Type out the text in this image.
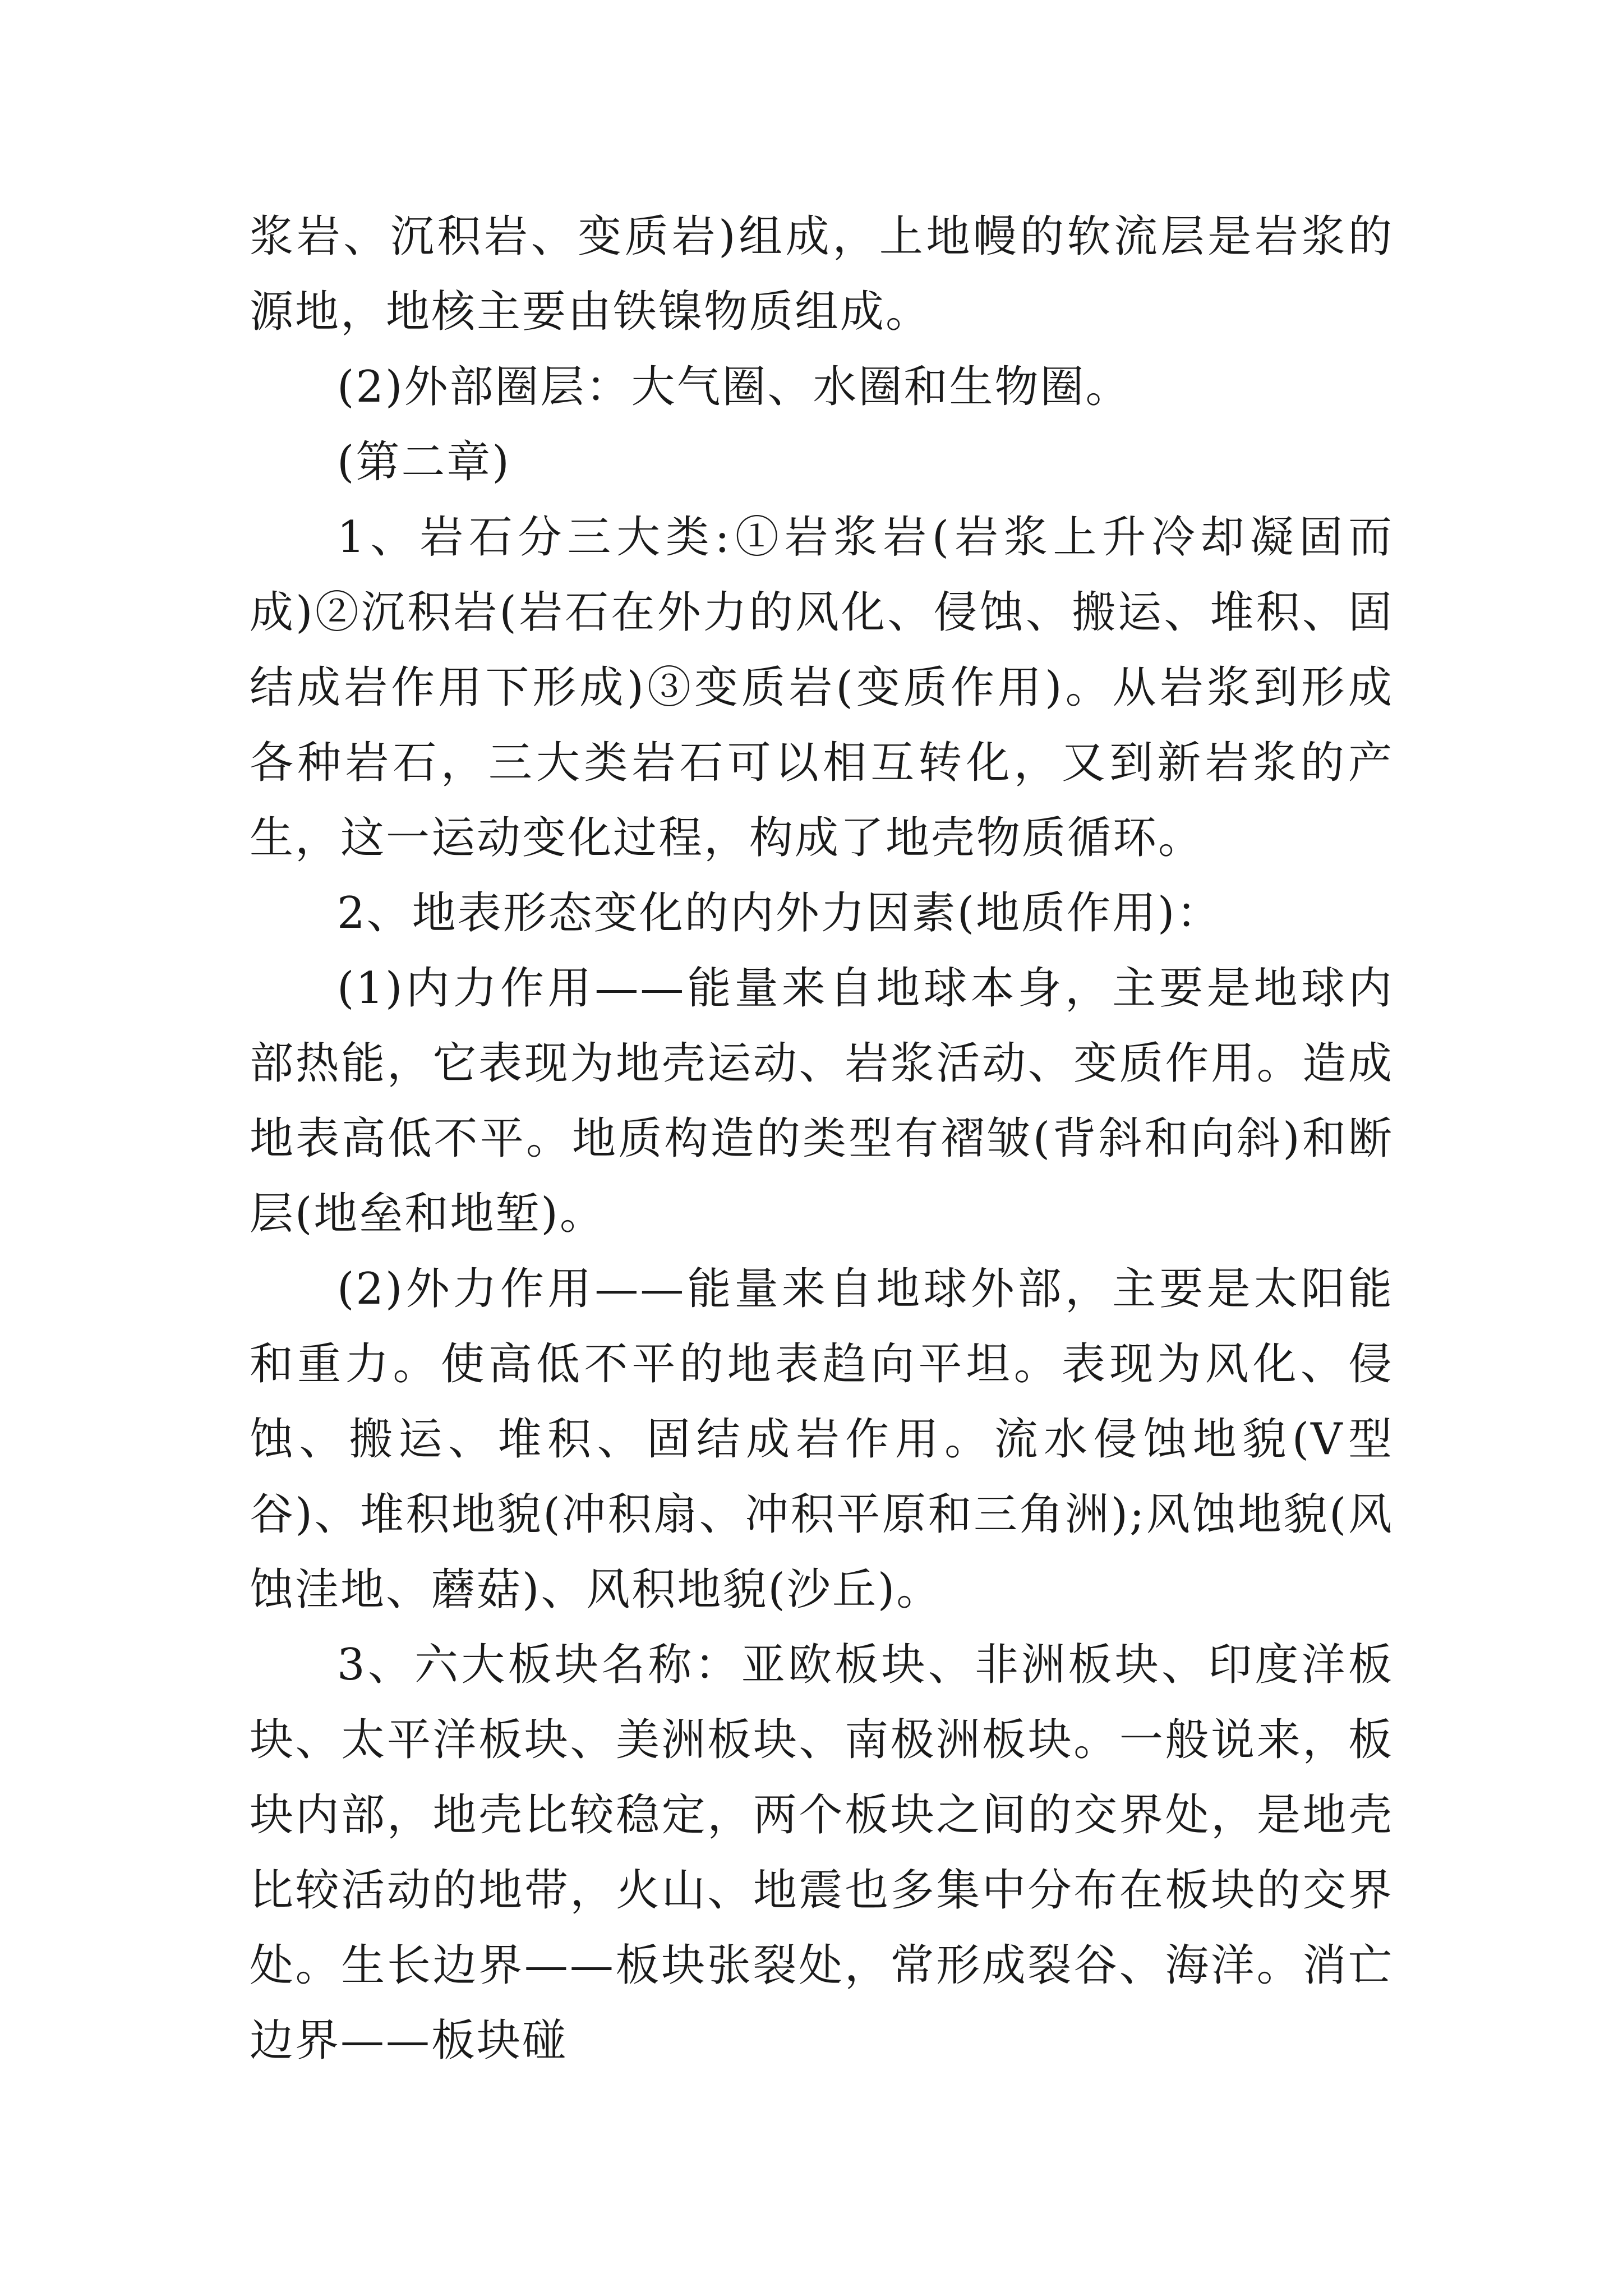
浆岩、沉积岩、变质岩)组成，上地幔的软流层是岩浆的源地，地核主要由铁镍物质组成。

(2)外部圈层：大气圈、水圈和生物圈。

(第二章)

1、岩石分三大类:①岩浆岩(岩浆上升冷却凝固而成)②沉积岩(岩石在外力的风化、侵蚀、搬运、堆积、固结成岩作用下形成)③变质岩(变质作用)。从岩浆到形成各种岩石，三大类岩石可以相互转化，又到新岩浆的产生，这一运动变化过程，构成了地壳物质循环。

2、地表形态变化的内外力因素(地质作用)：

(1)内力作用——能量来自地球本身，主要是地球内部热能，它表现为地壳运动、岩浆活动、变质作用。造成地表高低不平。地质构造的类型有褶皱(背斜和向斜)和断层(地垒和地堑)。

(2)外力作用——能量来自地球外部，主要是太阳能和重力。使高低不平的地表趋向平坦。表现为风化、侵蚀、搬运、堆积、固结成岩作用。流水侵蚀地貌(V型谷)、堆积地貌(冲积扇、冲积平原和三角洲);风蚀地貌(风蚀洼地、蘑菇)、风积地貌(沙丘)。

3、六大板块名称：亚欧板块、非洲板块、印度洋板块、太平洋板块、美洲板块、南极洲板块。一般说来，板块内部，地壳比较稳定，两个板块之间的交界处，是地壳比较活动的地带，火山、地震也多集中分布在板块的交界处。生长边界——板块张裂处，常形成裂谷、海洋。消亡边界——板块碰
